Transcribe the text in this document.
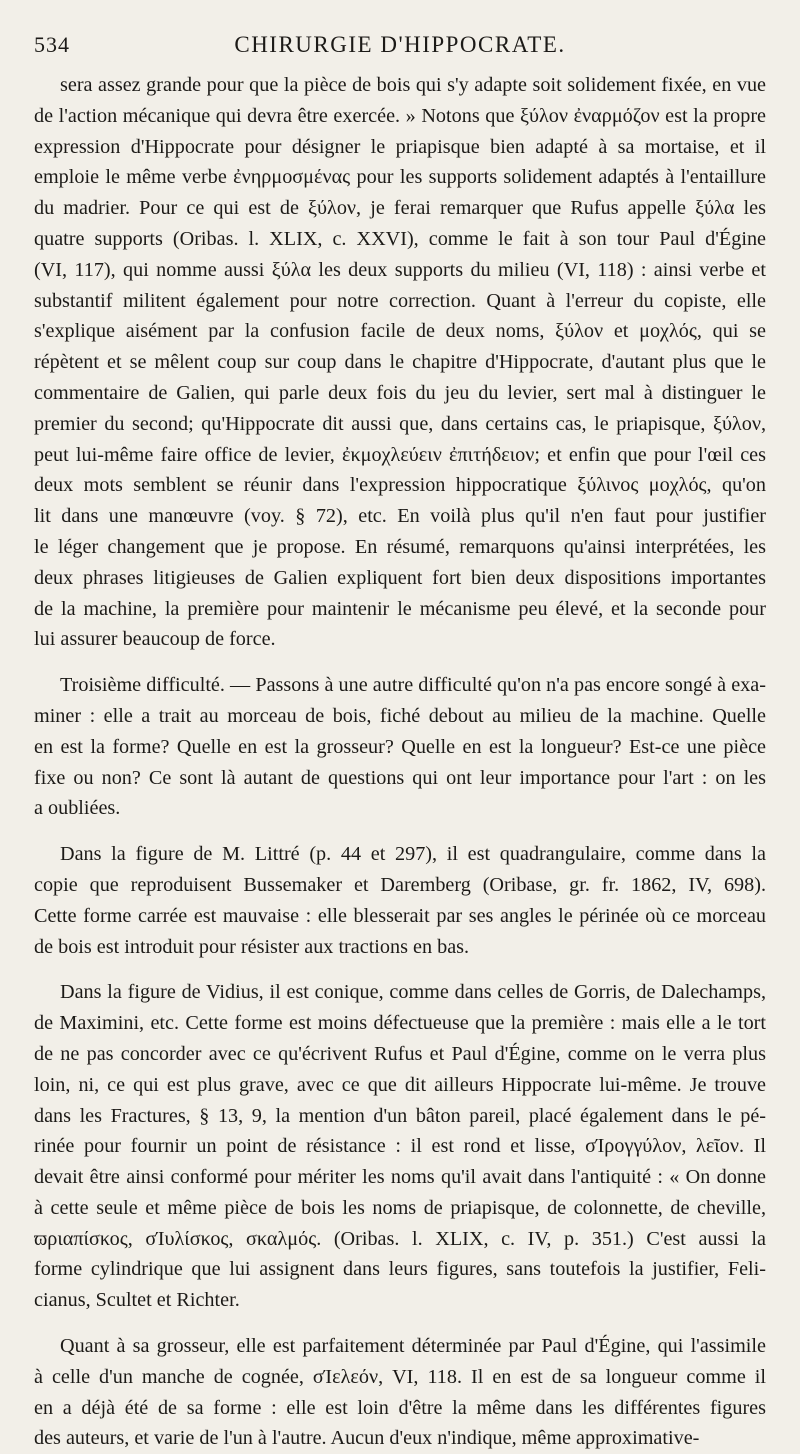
534	CHIRURGIE D'HIPPOCRATE.
sera assez grande pour que la pièce de bois qui s'y adapte soit solidement fixée, en vue
de l'action mécanique qui devra être exercée. » Notons que ξύλον ἐναρμόζον est la propre
expression d'Hippocrate pour désigner le priapisque bien adapté à sa mortaise, et il
emploie le même verbe ἐνηρμοσμένας pour les supports solidement adaptés à l'entaillure
du madrier. Pour ce qui est de ξύλον, je ferai remarquer que Rufus appelle ξύλα les
quatre supports (Oribas. l. XLIX, c. XXVI), comme le fait à son tour Paul d'Égine
(VI, 117), qui nomme aussi ξύλα les deux supports du milieu (VI, 118) : ainsi verbe et
substantif militent également pour notre correction. Quant à l'erreur du copiste, elle
s'explique aisément par la confusion facile de deux noms, ξύλον et μοχλός, qui se
répètent et se mêlent coup sur coup dans le chapitre d'Hippocrate, d'autant plus que le
commentaire de Galien, qui parle deux fois du jeu du levier, sert mal à distinguer le
premier du second; qu'Hippocrate dit aussi que, dans certains cas, le priapisque, ξύλον,
peut lui-même faire office de levier, ἐκμοχλεύειν ἐπιτήδειον; et enfin que pour l'œil ces
deux mots semblent se réunir dans l'expression hippocratique ξύλινος μοχλός, qu'on
lit dans une manœuvre (voy. § 72), etc. En voilà plus qu'il n'en faut pour justifier
le léger changement que je propose. En résumé, remarquons qu'ainsi interprétées, les
deux phrases litigieuses de Galien expliquent fort bien deux dispositions importantes
de la machine, la première pour maintenir le mécanisme peu élevé, et la seconde pour
lui assurer beaucoup de force.
Troisième difficulté. — Passons à une autre difficulté qu'on n'a pas encore songé à exa-
miner : elle a trait au morceau de bois, fiché debout au milieu de la machine. Quelle
en est la forme? Quelle en est la grosseur? Quelle en est la longueur? Est-ce une pièce
fixe ou non? Ce sont là autant de questions qui ont leur importance pour l'art : on les
a oubliées.
Dans la figure de M. Littré (p. 44 et 297), il est quadrangulaire, comme dans la
copie que reproduisent Bussemaker et Daremberg (Oribase, gr. fr. 1862, IV, 698).
Cette forme carrée est mauvaise : elle blesserait par ses angles le périnée où ce morceau
de bois est introduit pour résister aux tractions en bas.
Dans la figure de Vidius, il est conique, comme dans celles de Gorris, de Dalechamps,
de Maximini, etc. Cette forme est moins défectueuse que la première : mais elle a le tort
de ne pas concorder avec ce qu'écrivent Rufus et Paul d'Égine, comme on le verra plus
loin, ni, ce qui est plus grave, avec ce que dit ailleurs Hippocrate lui-même. Je trouve
dans les Fractures, § 13, 9, la mention d'un bâton pareil, placé également dans le pé-
rinée pour fournir un point de résistance : il est rond et lisse, σΊρογγύλον, λεῖον. Il
devait être ainsi conformé pour mériter les noms qu'il avait dans l'antiquité : « On donne
à cette seule et même pièce de bois les noms de priapisque, de colonnette, de cheville,
ϖριαπίσκος, σΊυλίσκος, σκαλμός. (Oribas. l. XLIX, c. IV, p. 351.) C'est aussi la
forme cylindrique que lui assignent dans leurs figures, sans toutefois la justifier, Feli-
cianus, Scultet et Richter.
Quant à sa grosseur, elle est parfaitement déterminée par Paul d'Égine, qui l'assimile
à celle d'un manche de cognée, σΊελεόν, VI, 118. Il en est de sa longueur comme il
en a déjà été de sa forme : elle est loin d'être la même dans les différentes figures
des auteurs, et varie de l'un à l'autre. Aucun d'eux n'indique, même approximative-
